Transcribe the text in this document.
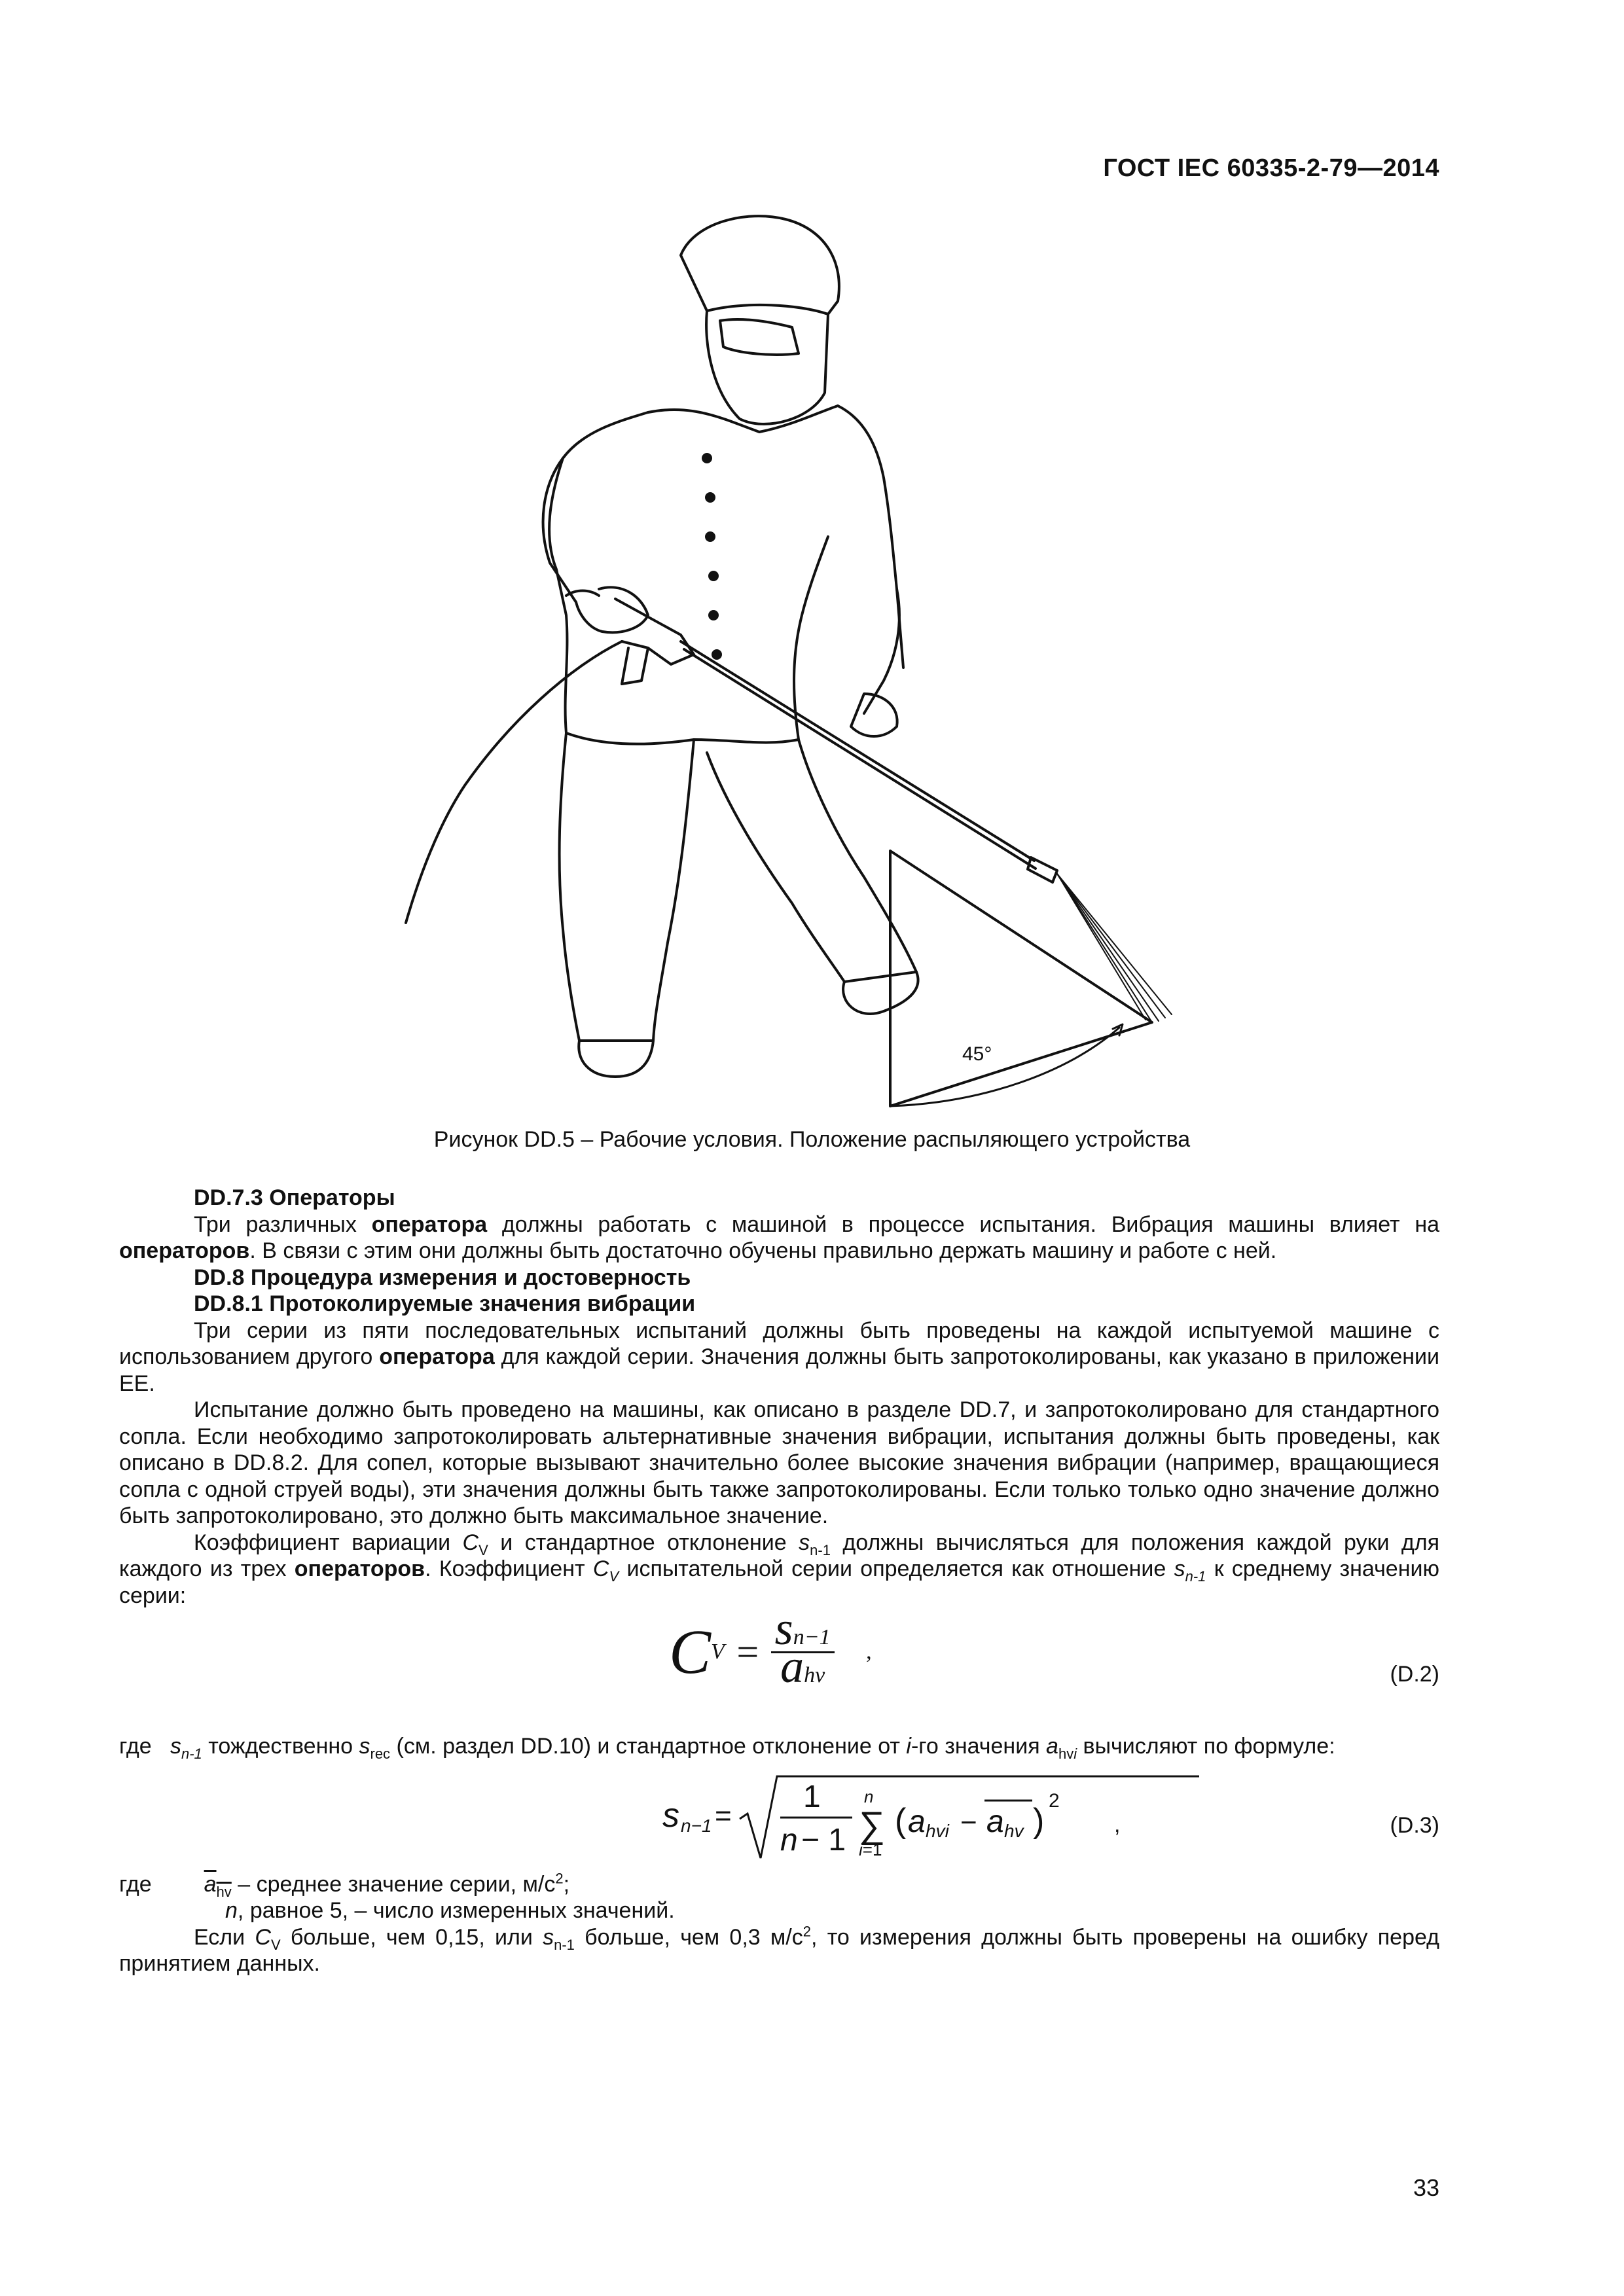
ГОСТ IEC 60335-2-79—2014
45°
Рисунок DD.5 – Рабочие условия. Положение распыляющего устройства

DD.7.3 Операторы

Три различных оператора должны работать с машиной в процессе испытания. Вибрация машины влияет на операторов. В связи с этим они должны быть достаточно обучены правильно держать машину и работе с ней.

DD.8 Процедура измерения и достоверность

DD.8.1 Протоколируемые значения вибрации

Три серии из пяти последовательных испытаний должны быть проведены на каждой испытуемой машине с использованием другого оператора для каждой серии. Значения должны быть запротоколированы, как указано в приложении EE.

Испытание должно быть проведено на машины, как описано в разделе DD.7, и запротоколировано для стандартного сопла. Если необходимо запротоколировать альтернативные значения вибрации, испытания должны быть проведены, как описано в DD.8.2. Для сопел, которые вызывают значительно более высокие значения вибрации (например, вращающиеся сопла с одной струей воды), эти значения должны быть также запротоколированы. Если только только одно значение должно быть запротоколировано, это должно быть максимальное значение.

Коэффициент вариации $C_V$ и стандартное отклонение $s_{n-1}$ должны вычисляться для положения каждой руки для каждого из трех операторов. Коэффициент $C_V$ испытательной серии определяется как отношение $s_{n-1}$ к среднему значению серии:

CV = $\frac{sn-1}{\text{ahv}}$ ,
(D.2)

где $s_{n-1}$ тождественно $s_{rec}$ (см. раздел DD.10) и стандартное отклонение от i-го значения $a_{hvi}$ вычисляют по формуле:

s n−1 =
1
n − 1 ∑
n
i=1
( a hvi − a hv )
2
,	(D.3)

где $a_{hv}$ – среднее значение серии, $м/с^2$;

n, равное 5, – число измеренных значений.

Если $C_V$ больше, чем 0,15, или $s_{n-1}$ больше, чем 0,3 $м/с^2$, то измерения должны быть проверены на ошибку перед принятием данных.

33
